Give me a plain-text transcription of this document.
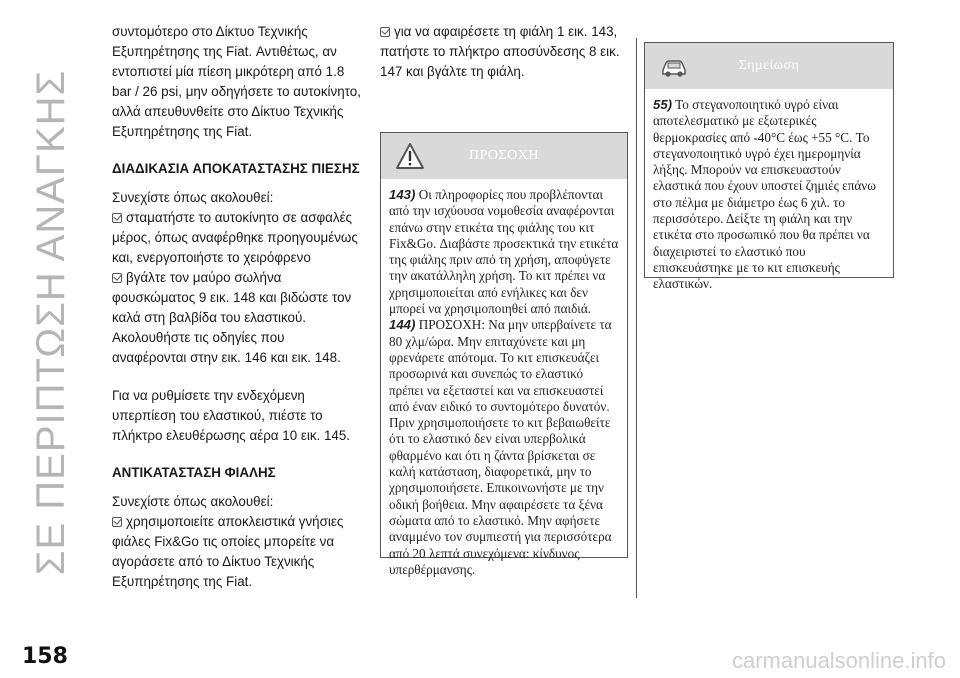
ΣΕ ΠΕΡΙΠΤΩΣΗ ΑΝΑΓΚΗΣ
158	carmanualsonline.info

συντομότερο στο Δίκτυο Τεχνικής Εξυπηρέτησης της Fiat. Αντιθέτως, αν εντοπιστεί μία πίεση μικρότερη από 1.8 bar / 26 psi, μην οδηγήσετε το αυτοκίνητο, αλλά απευθυνθείτε στο Δίκτυο Τεχνικής Εξυπηρέτησης της Fiat.

ΔΙΑΔΙΚΑΣΙΑ ΑΠΟΚΑΤΑΣΤΑΣΗΣ ΠΙΕΣΗΣ

Συνεχίστε όπως ακολουθεί:

σταματήστε το αυτοκίνητο σε ασφαλές μέρος, όπως αναφέρθηκε προηγουμένως και, ενεργοποιήστε το χειρόφρενο

βγάλτε τον μαύρο σωλήνα φουσκώματος 9 εικ. 148 και βιδώστε τον καλά στη βαλβίδα του ελαστικού. Ακολουθήστε τις οδηγίες που αναφέρονται στην εικ. 146 και εικ. 148.

Για να ρυθμίσετε την ενδεχόμενη υπερπίεση του ελαστικού, πιέστε το πλήκτρο ελευθέρωσης αέρα 10 εικ. 145.

ΑΝΤΙΚΑΤΑΣΤΑΣΗ ΦΙΑΛΗΣ

Συνεχίστε όπως ακολουθεί:

χρησιμοποιείτε αποκλειστικά γνήσιες φιάλες Fix&Go τις οποίες μπορείτε να αγοράσετε από το Δίκτυο Τεχνικής Εξυπηρέτησης της Fiat.

για να αφαιρέσετε τη φιάλη 1 εικ. 143, πατήστε το πλήκτρο αποσύνδεσης 8 εικ. 147 και βγάλτε τη φιάλη.

ΠΡΟΣΟΧΗ

143) Οι πληροφορίες που προβλέπονται από την ισχύουσα νομοθεσία αναφέρονται επάνω στην ετικέτα της φιάλης του κιτ Fix&Go. Διαβάστε προσεκτικά την ετικέτα της φιάλης πριν από τη χρήση, αποφύγετε την ακατάλληλη χρήση. Το κιτ πρέπει να χρησιμοποιείται από ενήλικες και δεν μπορεί να χρησιμοποιηθεί από παιδιά.

144) ΠΡΟΣΟΧΗ: Να μην υπερβαίνετε τα 80 χλμ/ώρα. Μην επιταχύνετε και μη φρενάρετε απότομα. Το κιτ επισκευάζει προσωρινά και συνεπώς το ελαστικό πρέπει να εξεταστεί και να επισκευαστεί από έναν ειδικό το συντομότερο δυνατόν. Πριν χρησιμοποιήσετε το κιτ βεβαιωθείτε ότι το ελαστικό δεν είναι υπερβολικά φθαρμένο και ότι η ζάντα βρίσκεται σε καλή κατάσταση, διαφορετικά, μην το χρησιμοποιήσετε. Επικοινωνήστε με την οδική βοήθεια. Μην αφαιρέσετε τα ξένα σώματα από το ελαστικό. Μην αφήσετε αναμμένο τον συμπιεστή για περισσότερα από 20 λεπτά συνεχόμενα: κίνδυνος υπερθέρμανσης.

Σημείωση

55) Το στεγανοποιητικό υγρό είναι αποτελεσματικό με εξωτερικές θερμοκρασίες από -40°C έως +55 °C. Το στεγανοποιητικό υγρό έχει ημερομηνία λήξης. Μπορούν να επισκευαστούν ελαστικά που έχουν υποστεί ζημιές επάνω στο πέλμα με διάμετρο έως 6 χιλ. το περισσότερο. Δείξτε τη φιάλη και την ετικέτα στο προσωπικό που θα πρέπει να διαχειριστεί το ελαστικό που επισκευάστηκε με το κιτ επισκευής ελαστικών.
